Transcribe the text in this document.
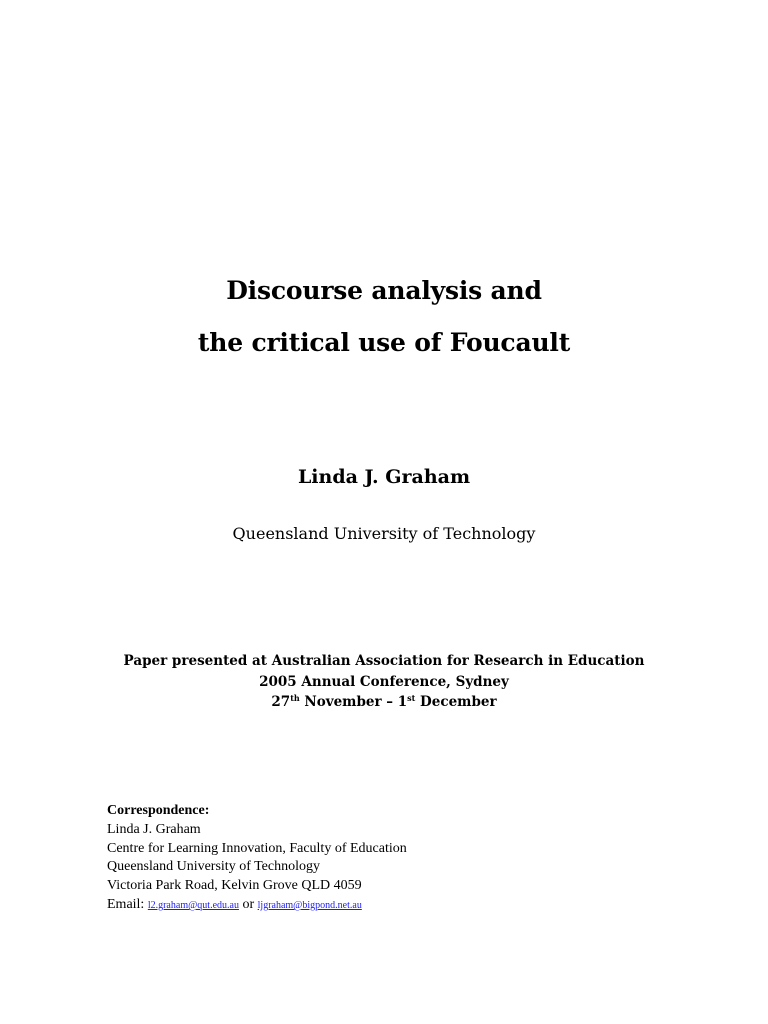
Discourse analysis and
the critical use of Foucault
Linda J. Graham
Queensland University of Technology
Paper presented at Australian Association for Research in Education
2005 Annual Conference, Sydney
27th November – 1st December
Correspondence:
Linda J. Graham
Centre for Learning Innovation, Faculty of Education
Queensland University of Technology
Victoria Park Road, Kelvin Grove QLD 4059
Email: l2.graham@qut.edu.au or ljgraham@bigpond.net.au
